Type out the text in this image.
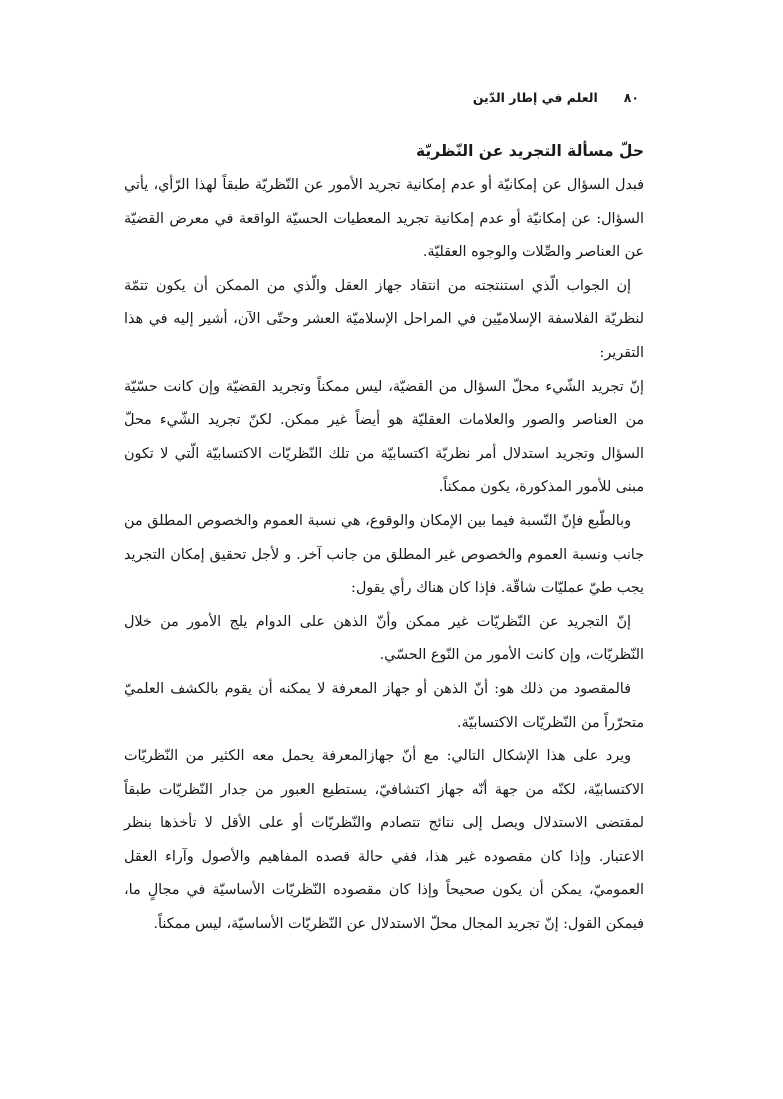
٨٠
العلم في إطار الدّين
حلّ مسألة التجريد عن النّظريّة

فبدل السؤال عن إمكانيّة أو عدم إمكانية تجريد الأمور عن النّظريّة طبقاً لهذا الرّأي، يأتي السؤال: عن إمكانيّة أو عدم إمكانية تجريد المعطيات الحسيّة الواقعة في معرض القضيّة عن العناصر والصِّلات والوجوه العقليّة.

إن الجواب الّذي استنتجته من انتقاد جهاز العقل والّذي من الممكن أن يكون تتمّة لنظريّة الفلاسفة الإسلاميّين في المراحل الإسلاميّة العشر وحتّى الآن، أشير إليه في هذا التقرير:

إنّ تجريد الشّيء محلّ السؤال من القضيّة، ليس ممكناً وتجريد القضيّة وإن كانت حسّيّة من العناصر والصور والعلامات العقليّة هو أيضاً غير ممكن. لكنّ تجريد الشّيء محلّ السؤال وتجريد استدلال أمر نظريّة اكتسابيّة من تلك النّظريّات الاكتسابيّة الّتي لا تكون مبنى للأمور المذكورة، يكون ممكناً.

وبالطّبع فإنّ النّسبة فيما بين الإمكان والوقوع، هي نسبة العموم والخصوص المطلق من جانب ونسبة العموم والخصوص غير المطلق من جانب آخر. و لأجل تحقيق إمكان التجريد يجب طيّ عمليّات شاقّة. فإذا كان هناك رأي يقول:

إنّ التجريد عن النّظريّات غير ممكن وأنّ الذهن على الدوام يلج الأمور من خلال النّظريّات، وإن كانت الأمور من النّوع الحسّي.

فالمقصود من ذلك هو: أنّ الذهن أو جهاز المعرفة لا يمكنه أن يقوم بالكشف العلميّ متحرّراً من النّظريّات الاكتسابيّة.

ويرد على هذا الإشكال التالي: مع أنّ جهازالمعرفة يحمل معه الكثير من النّظريّات الاكتسابيّة، لكنّه من جهة أنّه جهاز اكتشافيّ، يستطيع العبور من جدار النّظريّات طبقاً لمقتضى الاستدلال ويصل إلى نتائج تتصادم والنّظريّات أو على الأقل لا تأخذها بنظر الاعتبار. وإذا كان مقصوده غير هذا، ففي حالة قصده المفاهيم والأصول وآراء العقل العموميّ، يمكن أن يكون صحيحاً وإذا كان مقصوده النّظريّات الأساسيّة في مجالٍ ما، فيمكن القول: إنّ تجريد المجال محلّ الاستدلال عن النّظريّات الأساسيّة، ليس ممكناً.
